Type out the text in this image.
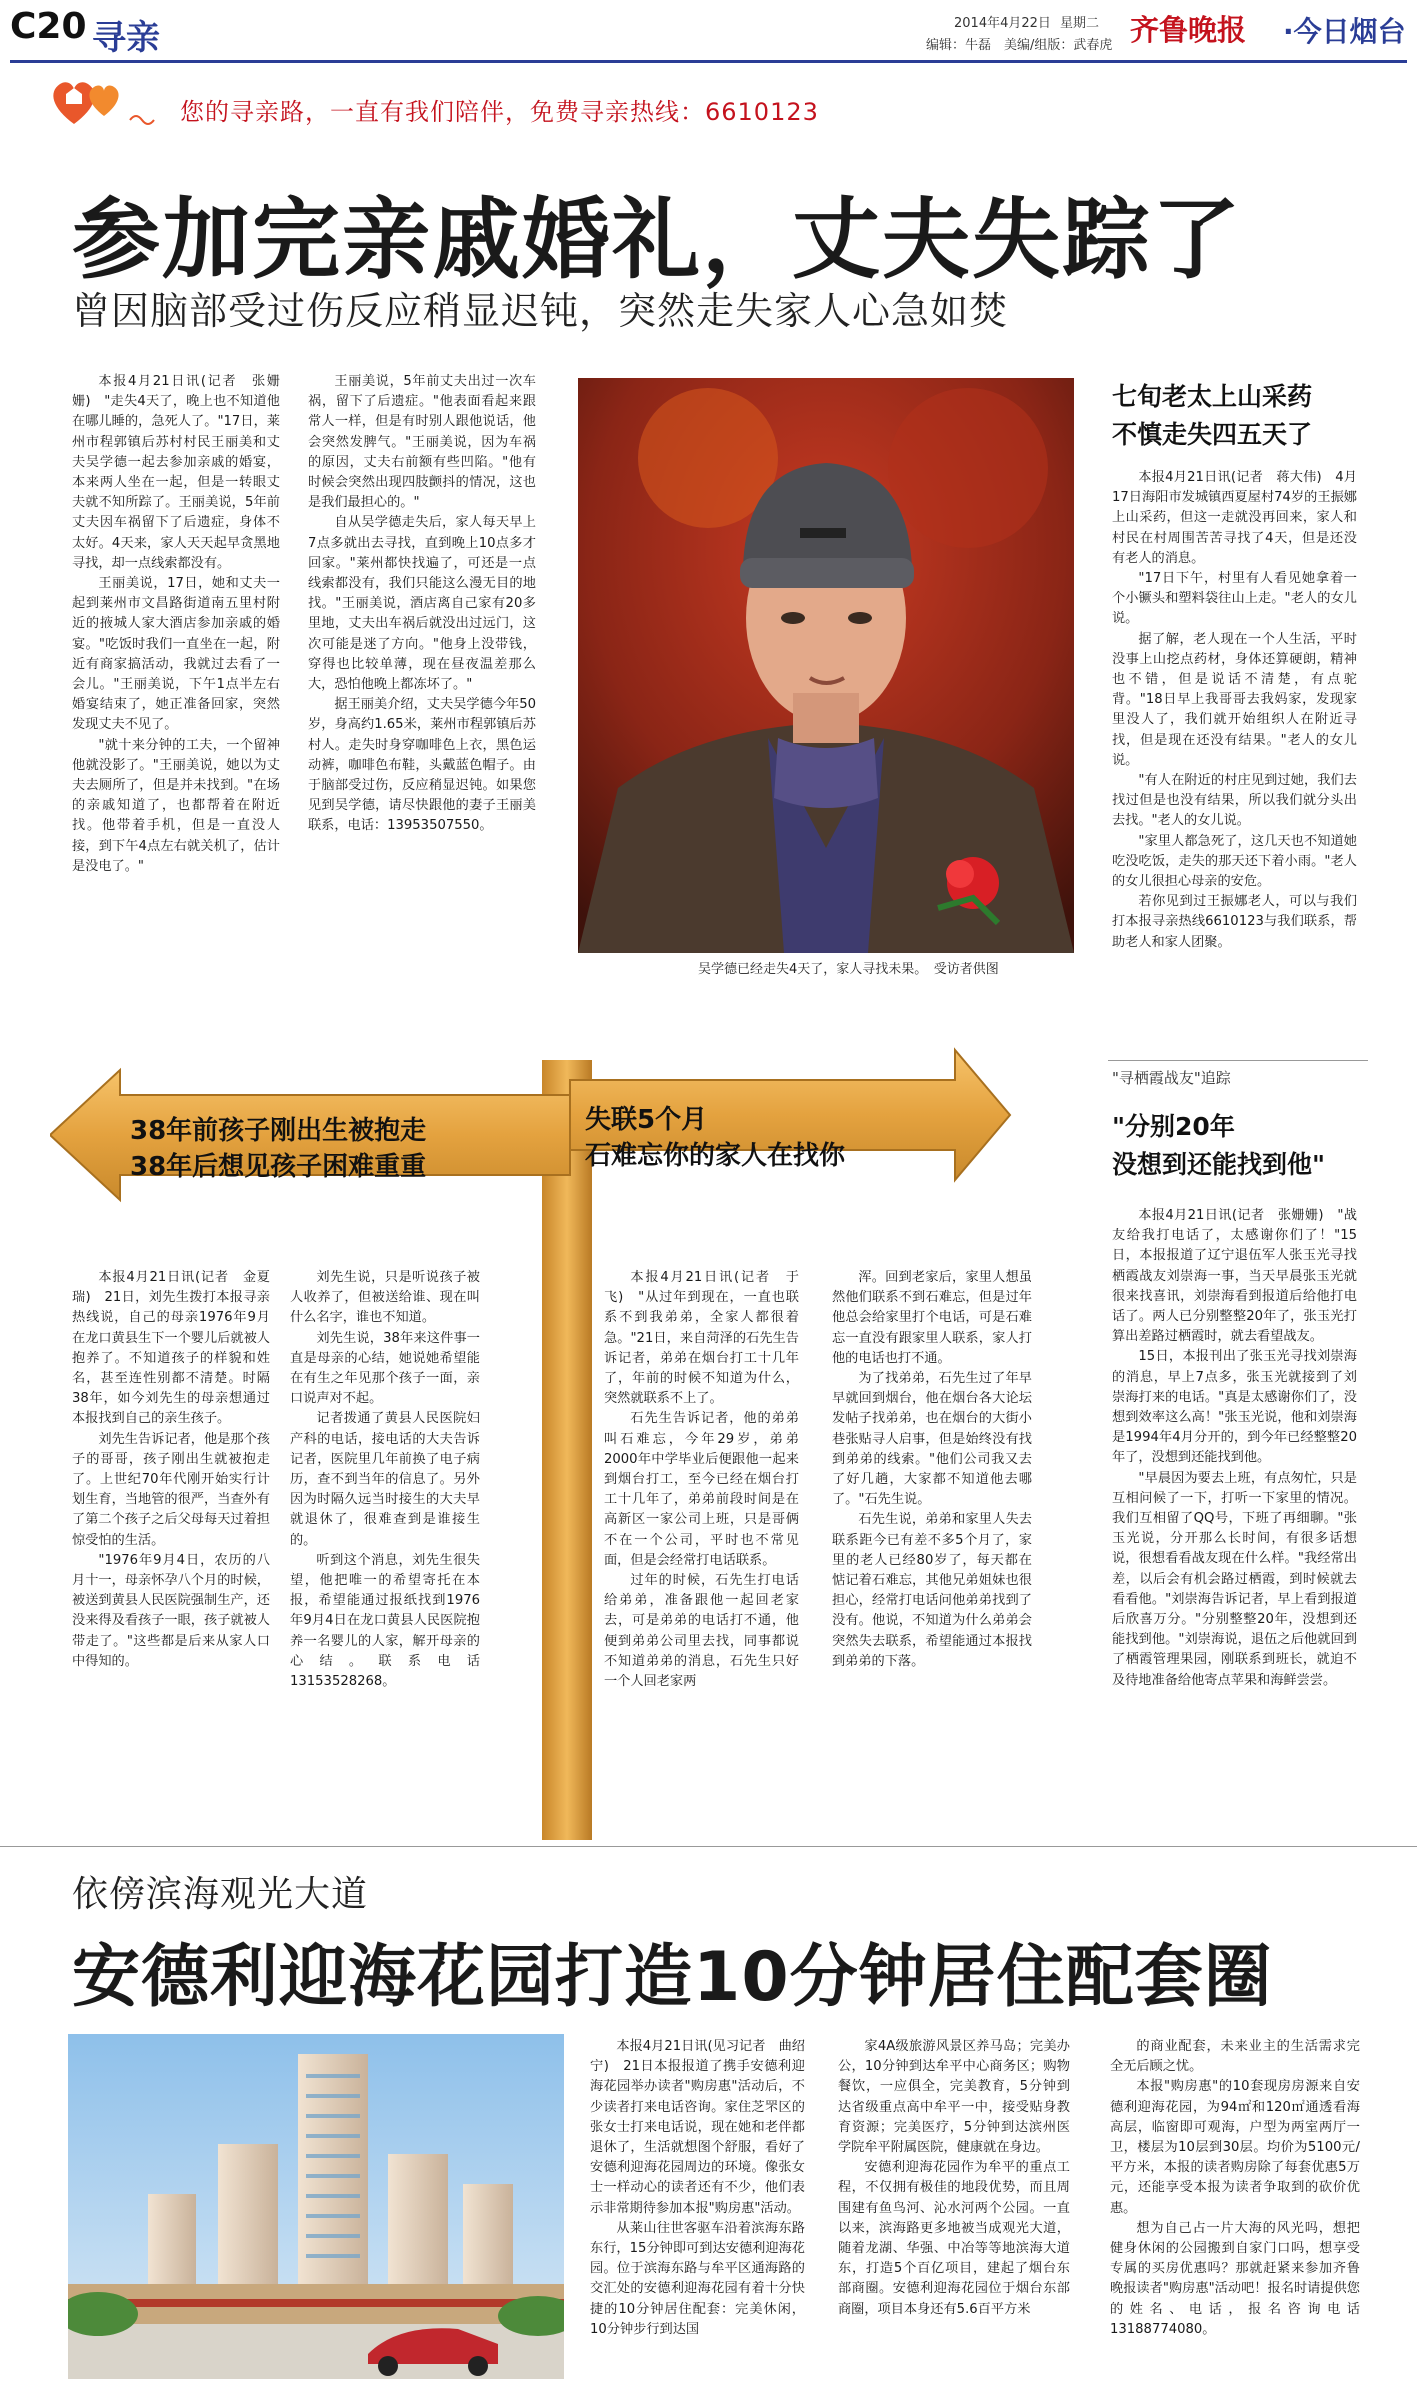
C20 寻亲	2014年4月22日 星期二
编辑：牛磊 美编/组版：武春虎 齐鲁晚报 ·今日烟台
您的寻亲路，一直有我们陪伴，免费寻亲热线：6610123
参加完亲戚婚礼，丈夫失踪了
曾因脑部受过伤反应稍显迟钝，突然走失家人心急如焚

本报4月21日讯(记者　张姗姗)　"走失4天了，晚上也不知道他在哪儿睡的，急死人了。"17日，莱州市程郭镇后苏村村民王丽美和丈夫吴学德一起去参加亲戚的婚宴，本来两人坐在一起，但是一转眼丈夫就不知所踪了。王丽美说，5年前丈夫因车祸留下了后遗症，身体不太好。4天来，家人天天起早贪黑地寻找，却一点线索都没有。

王丽美说，17日，她和丈夫一起到莱州市文昌路街道南五里村附近的掖城人家大酒店参加亲戚的婚宴。"吃饭时我们一直坐在一起，附近有商家搞活动，我就过去看了一会儿。"王丽美说，下午1点半左右婚宴结束了，她正准备回家，突然发现丈夫不见了。

"就十来分钟的工夫，一个留神他就没影了。"王丽美说，她以为丈夫去厕所了，但是并未找到。"在场的亲戚知道了，也都帮着在附近找。他带着手机，但是一直没人接，到下午4点左右就关机了，估计是没电了。"

王丽美说，5年前丈夫出过一次车祸，留下了后遗症。"他表面看起来跟常人一样，但是有时别人跟他说话，他会突然发脾气。"王丽美说，因为车祸的原因，丈夫右前额有些凹陷。"他有时候会突然出现四肢颤抖的情况，这也是我们最担心的。"

自从吴学德走失后，家人每天早上7点多就出去寻找，直到晚上10点多才回家。"莱州都快找遍了，可还是一点线索都没有，我们只能这么漫无目的地找。"王丽美说，酒店离自己家有20多里地，丈夫出车祸后就没出过远门，这次可能是迷了方向。"他身上没带钱，穿得也比较单薄，现在昼夜温差那么大，恐怕他晚上都冻坏了。"

据王丽美介绍，丈夫吴学德今年50岁，身高约1.65米，莱州市程郭镇后苏村人。走失时身穿咖啡色上衣，黑色运动裤，咖啡色布鞋，头戴蓝色帽子。由于脑部受过伤，反应稍显迟钝。如果您见到吴学德，请尽快跟他的妻子王丽美联系，电话：13953507550。

吴学德已经走失4天了，家人寻找未果。　受访者供图
七旬老太上山采药
不慎走失四五天了

本报4月21日讯(记者　蒋大伟)　4月17日海阳市发城镇西夏屋村74岁的王振娜上山采药，但这一走就没再回来，家人和村民在村周围苦苦寻找了4天，但是还没有老人的消息。

"17日下午，村里有人看见她拿着一个小镢头和塑料袋往山上走。"老人的女儿说。

据了解，老人现在一个人生活，平时没事上山挖点药材，身体还算硬朗，精神也不错，但是说话不清楚，有点驼背。"18日早上我哥哥去我妈家，发现家里没人了，我们就开始组织人在附近寻找，但是现在还没有结果。"老人的女儿说。

"有人在附近的村庄见到过她，我们去找过但是也没有结果，所以我们就分头出去找。"老人的女儿说。

"家里人都急死了，这几天也不知道她吃没吃饭，走失的那天还下着小雨。"老人的女儿很担心母亲的安危。

若你见到过王振娜老人，可以与我们打本报寻亲热线6610123与我们联系，帮助老人和家人团聚。

38年前孩子刚出生被抱走
38年后想见孩子困难重重
失联5个月
石难忘你的家人在找你

本报4月21日讯(记者　金夏瑞)　21日，刘先生拨打本报寻亲热线说，自己的母亲1976年9月在龙口黄县生下一个婴儿后就被人抱养了。不知道孩子的样貌和姓名，甚至连性别都不清楚。时隔38年，如今刘先生的母亲想通过本报找到自己的亲生孩子。

刘先生告诉记者，他是那个孩子的哥哥，孩子刚出生就被抱走了。上世纪70年代刚开始实行计划生育，当地管的很严，当查外有了第二个孩子之后父母每天过着担惊受怕的生活。

"1976年9月4日，农历的八月十一，母亲怀孕八个月的时候，被送到黄县人民医院强制生产，还没来得及看孩子一眼，孩子就被人带走了。"这些都是后来从家人口中得知的。

刘先生说，只是听说孩子被人收养了，但被送给谁、现在叫什么名字，谁也不知道。

刘先生说，38年来这件事一直是母亲的心结，她说她希望能在有生之年见那个孩子一面，亲口说声对不起。

记者拨通了黄县人民医院妇产科的电话，接电话的大夫告诉记者，医院里几年前换了电子病历，查不到当年的信息了。另外因为时隔久远当时接生的大夫早就退休了，很难查到是谁接生的。

听到这个消息，刘先生很失望，他把唯一的希望寄托在本报，希望能通过报纸找到1976年9月4日在龙口黄县人民医院抱养一名婴儿的人家，解开母亲的心结。联系电话13153528268。

本报4月21日讯(记者　于飞)　"从过年到现在，一直也联系不到我弟弟，全家人都很着急。"21日，来自菏泽的石先生告诉记者，弟弟在烟台打工十几年了，年前的时候不知道为什么，突然就联系不上了。

石先生告诉记者，他的弟弟叫石难忘，今年29岁，弟弟2000年中学毕业后便跟他一起来到烟台打工，至今已经在烟台打工十几年了，弟弟前段时间是在高新区一家公司上班，只是哥俩不在一个公司，平时也不常见面，但是会经常打电话联系。

过年的时候，石先生打电话给弟弟，准备跟他一起回老家去，可是弟弟的电话打不通，他便到弟弟公司里去找，同事都说不知道弟弟的消息，石先生只好一个人回老家两

浑。回到老家后，家里人想虽然他们联系不到石难忘，但是过年他总会给家里打个电话，可是石难忘一直没有跟家里人联系，家人打他的电话也打不通。

为了找弟弟，石先生过了年早早就回到烟台，他在烟台各大论坛发帖子找弟弟，也在烟台的大街小巷张贴寻人启事，但是始终没有找到弟弟的线索。"他们公司我又去了好几趟，大家都不知道他去哪了。"石先生说。

石先生说，弟弟和家里人失去联系距今已有差不多5个月了，家里的老人已经80岁了，每天都在惦记着石难忘，其他兄弟姐妹也很担心，经常打电话问他弟弟找到了没有。他说，不知道为什么弟弟会突然失去联系，希望能通过本报找到弟弟的下落。

"寻栖霞战友"追踪
"分别20年
没想到还能找到他"

本报4月21日讯(记者　张姗姗)　"战友给我打电话了，太感谢你们了！"15日，本报报道了辽宁退伍军人张玉光寻找栖霞战友刘崇海一事，当天早晨张玉光就很来找喜讯，刘崇海看到报道后给他打电话了。两人已分别整整20年了，张玉光打算出差路过栖霞时，就去看望战友。

15日，本报刊出了张玉光寻找刘崇海的消息，早上7点多，张玉光就接到了刘崇海打来的电话。"真是太感谢你们了，没想到效率这么高！"张玉光说，他和刘崇海是1994年4月分开的，到今年已经整整20年了，没想到还能找到他。

"早晨因为要去上班，有点匆忙，只是互相问候了一下，打听一下家里的情况。我们互相留了QQ号，下班了再细聊。"张玉光说，分开那么长时间，有很多话想说，很想看看战友现在什么样。"我经常出差，以后会有机会路过栖霞，到时候就去看看他。"刘崇海告诉记者，早上看到报道后欣喜万分。"分别整整20年，没想到还能找到他。"刘崇海说，退伍之后他就回到了栖霞管理果园，刚联系到班长，就迫不及待地准备给他寄点苹果和海鲜尝尝。

依傍滨海观光大道
安德利迎海花园打造10分钟居住配套圈

本报4月21日讯(见习记者　曲绍宁)　21日本报报道了携手安德利迎海花园举办读者"购房惠"活动后，不少读者打来电话咨询。家住芝罘区的张女士打来电话说，现在她和老伴都退休了，生活就想图个舒服，看好了安德利迎海花园周边的环境。像张女士一样动心的读者还有不少，他们表示非常期待参加本报"购房惠"活动。

从莱山往世客驱车沿着滨海东路东行，15分钟即可到达安德利迎海花园。位于滨海东路与牟平区通海路的交汇处的安德利迎海花园有着十分快捷的10分钟居住配套：完美休闲，10分钟步行到达国

家4A级旅游风景区养马岛；完美办公，10分钟到达牟平中心商务区；购物餐饮，一应俱全，完美教育，5分钟到达省级重点高中牟平一中，接受贴身教育资源；完美医疗，5分钟到达滨州医学院牟平附属医院，健康就在身边。

安德利迎海花园作为牟平的重点工程，不仅拥有极佳的地段优势，而且周围建有鱼鸟河、沁水河两个公园。一直以来，滨海路更多地被当成观光大道，随着龙湖、华强、中冶等等地滨海大道东，打造5个百亿项目，建起了烟台东部商圈。安德利迎海花园位于烟台东部商圈，项目本身还有5.6百平方米

的商业配套，未来业主的生活需求完全无后顾之忧。

本报"购房惠"的10套现房房源来自安德利迎海花园，为94㎡和120㎡通透看海高层，临窗即可观海，户型为两室两厅一卫，楼层为10层到30层。均价为5100元/平方米，本报的读者购房除了每套优惠5万元，还能享受本报为读者争取到的砍价优惠。

想为自己占一片大海的风光吗，想把健身休闲的公园搬到自家门口吗，想享受专属的买房优惠吗？那就赶紧来参加齐鲁晚报读者"购房惠"活动吧！报名时请提供您的姓名、电话，报名咨询电话13188774080。
